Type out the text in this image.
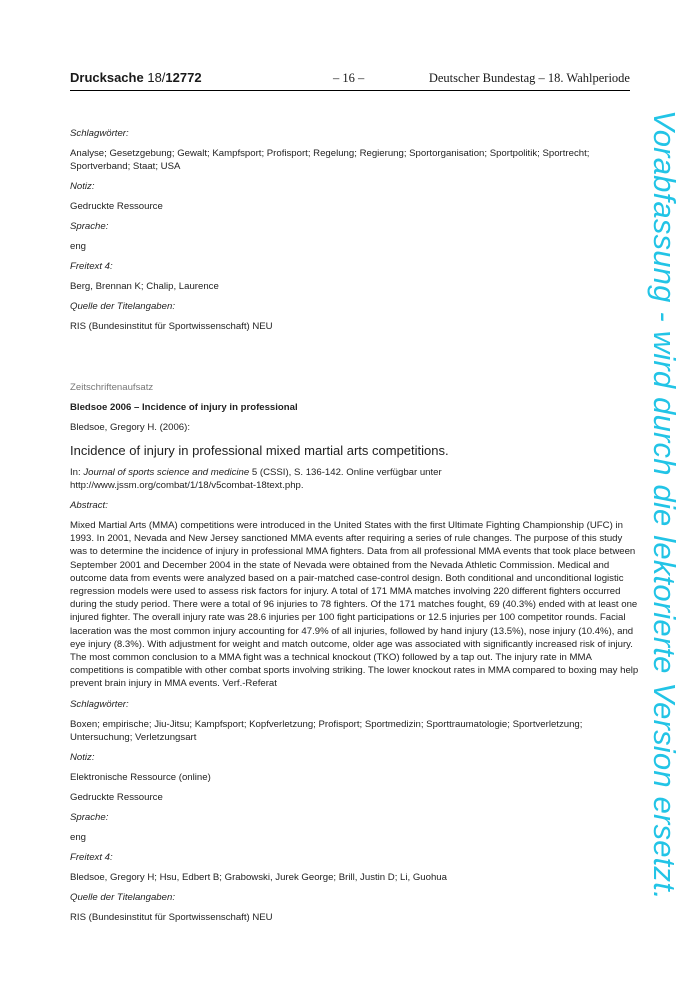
Drucksache 18/12772	– 16 –	Deutscher Bundestag – 18. Wahlperiode
Vorabfassung - wird durch die lektorierte Version ersetzt.

Schlagwörter:

Analyse; Gesetzgebung; Gewalt; Kampfsport; Profisport; Regelung; Regierung; Sportorganisation; Sportpolitik; Sportrecht; Sportverband; Staat; USA

Notiz:

Gedruckte Ressource

Sprache:

eng

Freitext 4:

Berg, Brennan K; Chalip, Laurence

Quelle der Titelangaben:

RIS (Bundesinstitut für Sportwissenschaft) NEU

Zeitschriftenaufsatz

Bledsoe 2006 – Incidence of injury in professional

Bledsoe, Gregory H. (2006):

Incidence of injury in professional mixed martial arts competitions.

In: Journal of sports science and medicine 5 (CSSI), S. 136-142. Online verfügbar unter
http://www.jssm.org/combat/1/18/v5combat-18text.php.

Abstract:

Mixed Martial Arts (MMA) competitions were introduced in the United States with the first Ultimate Fighting Championship (UFC) in 1993. In 2001, Nevada and New Jersey sanctioned MMA events after requiring a series of rule changes. The purpose of this study was to determine the incidence of injury in professional MMA fighters. Data from all professional MMA events that took place between September 2001 and December 2004 in the state of Nevada were obtained from the Nevada Athletic Commission. Medical and outcome data from events were analyzed based on a pair-matched case-control design. Both conditional and unconditional logistic regression models were used to assess risk factors for injury. A total of 171 MMA matches involving 220 different fighters occurred during the study period. There were a total of 96 injuries to 78 fighters. Of the 171 matches fought, 69 (40.3%) ended with at least one injured fighter. The overall injury rate was 28.6 injuries per 100 fight participations or 12.5 injuries per 100 competitor rounds. Facial laceration was the most common injury accounting for 47.9% of all injuries, followed by hand injury (13.5%), nose injury (10.4%), and eye injury (8.3%). With adjustment for weight and match outcome, older age was associated with significantly increased risk of injury. The most common conclusion to a MMA fight was a technical knockout (TKO) followed by a tap out. The injury rate in MMA competitions is compatible with other combat sports involving striking. The lower knockout rates in MMA compared to boxing may help prevent brain injury in MMA events. Verf.-Referat

Schlagwörter:

Boxen; empirische; Jiu-Jitsu; Kampfsport; Kopfverletzung; Profisport; Sportmedizin; Sporttraumatologie; Sportverletzung; Untersuchung; Verletzungsart

Notiz:

Elektronische Ressource (online)

Gedruckte Ressource

Sprache:

eng

Freitext 4:

Bledsoe, Gregory H; Hsu, Edbert B; Grabowski, Jurek George; Brill, Justin D; Li, Guohua

Quelle der Titelangaben:

RIS (Bundesinstitut für Sportwissenschaft) NEU
